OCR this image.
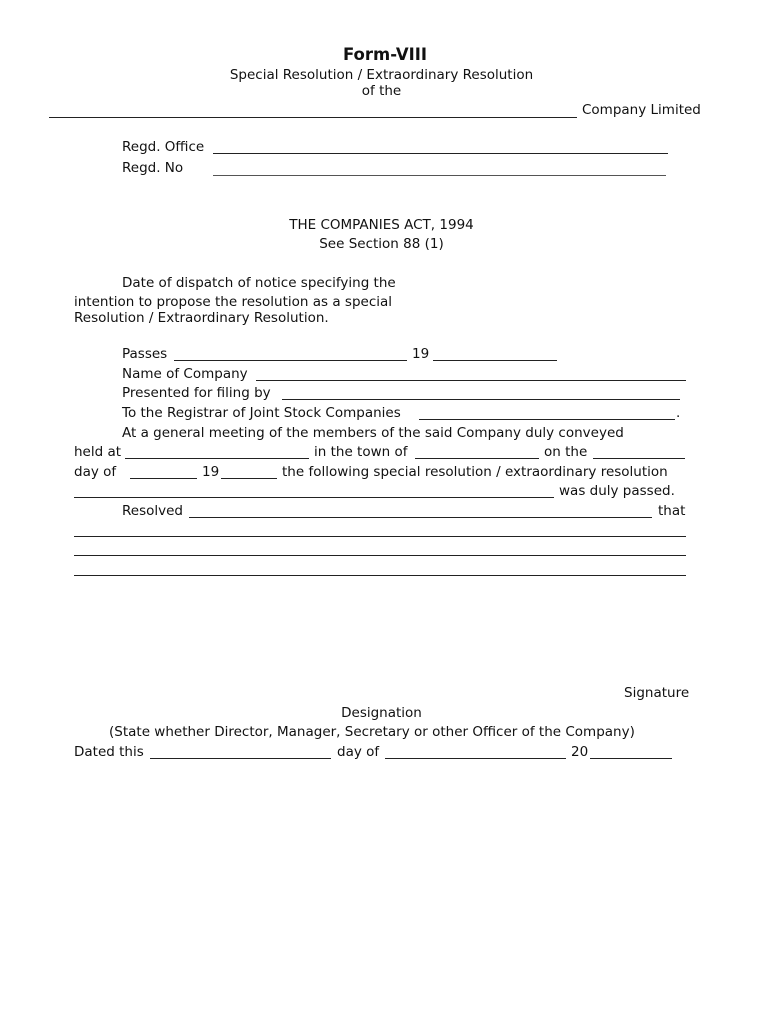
Form-VIII
Special Resolution / Extraordinary Resolution
of the
Company Limited
Regd. Office
Regd. No
THE COMPANIES ACT, 1994
See Section 88 (1)
Date of dispatch of notice specifying the
intention to propose the resolution as a special
Resolution / Extraordinary Resolution.
Passes	19
Name of Company
Presented for filing by
To the Registrar of Joint Stock Companies	.
At a general meeting of the members of the said Company duly conveyed
held at	in the town of	on the
day of	19	the following special resolution / extraordinary resolution
was duly passed.
Resolved	that
Signature
Designation
(State whether Director, Manager, Secretary or other Officer of the Company)
Dated this	day of	20
